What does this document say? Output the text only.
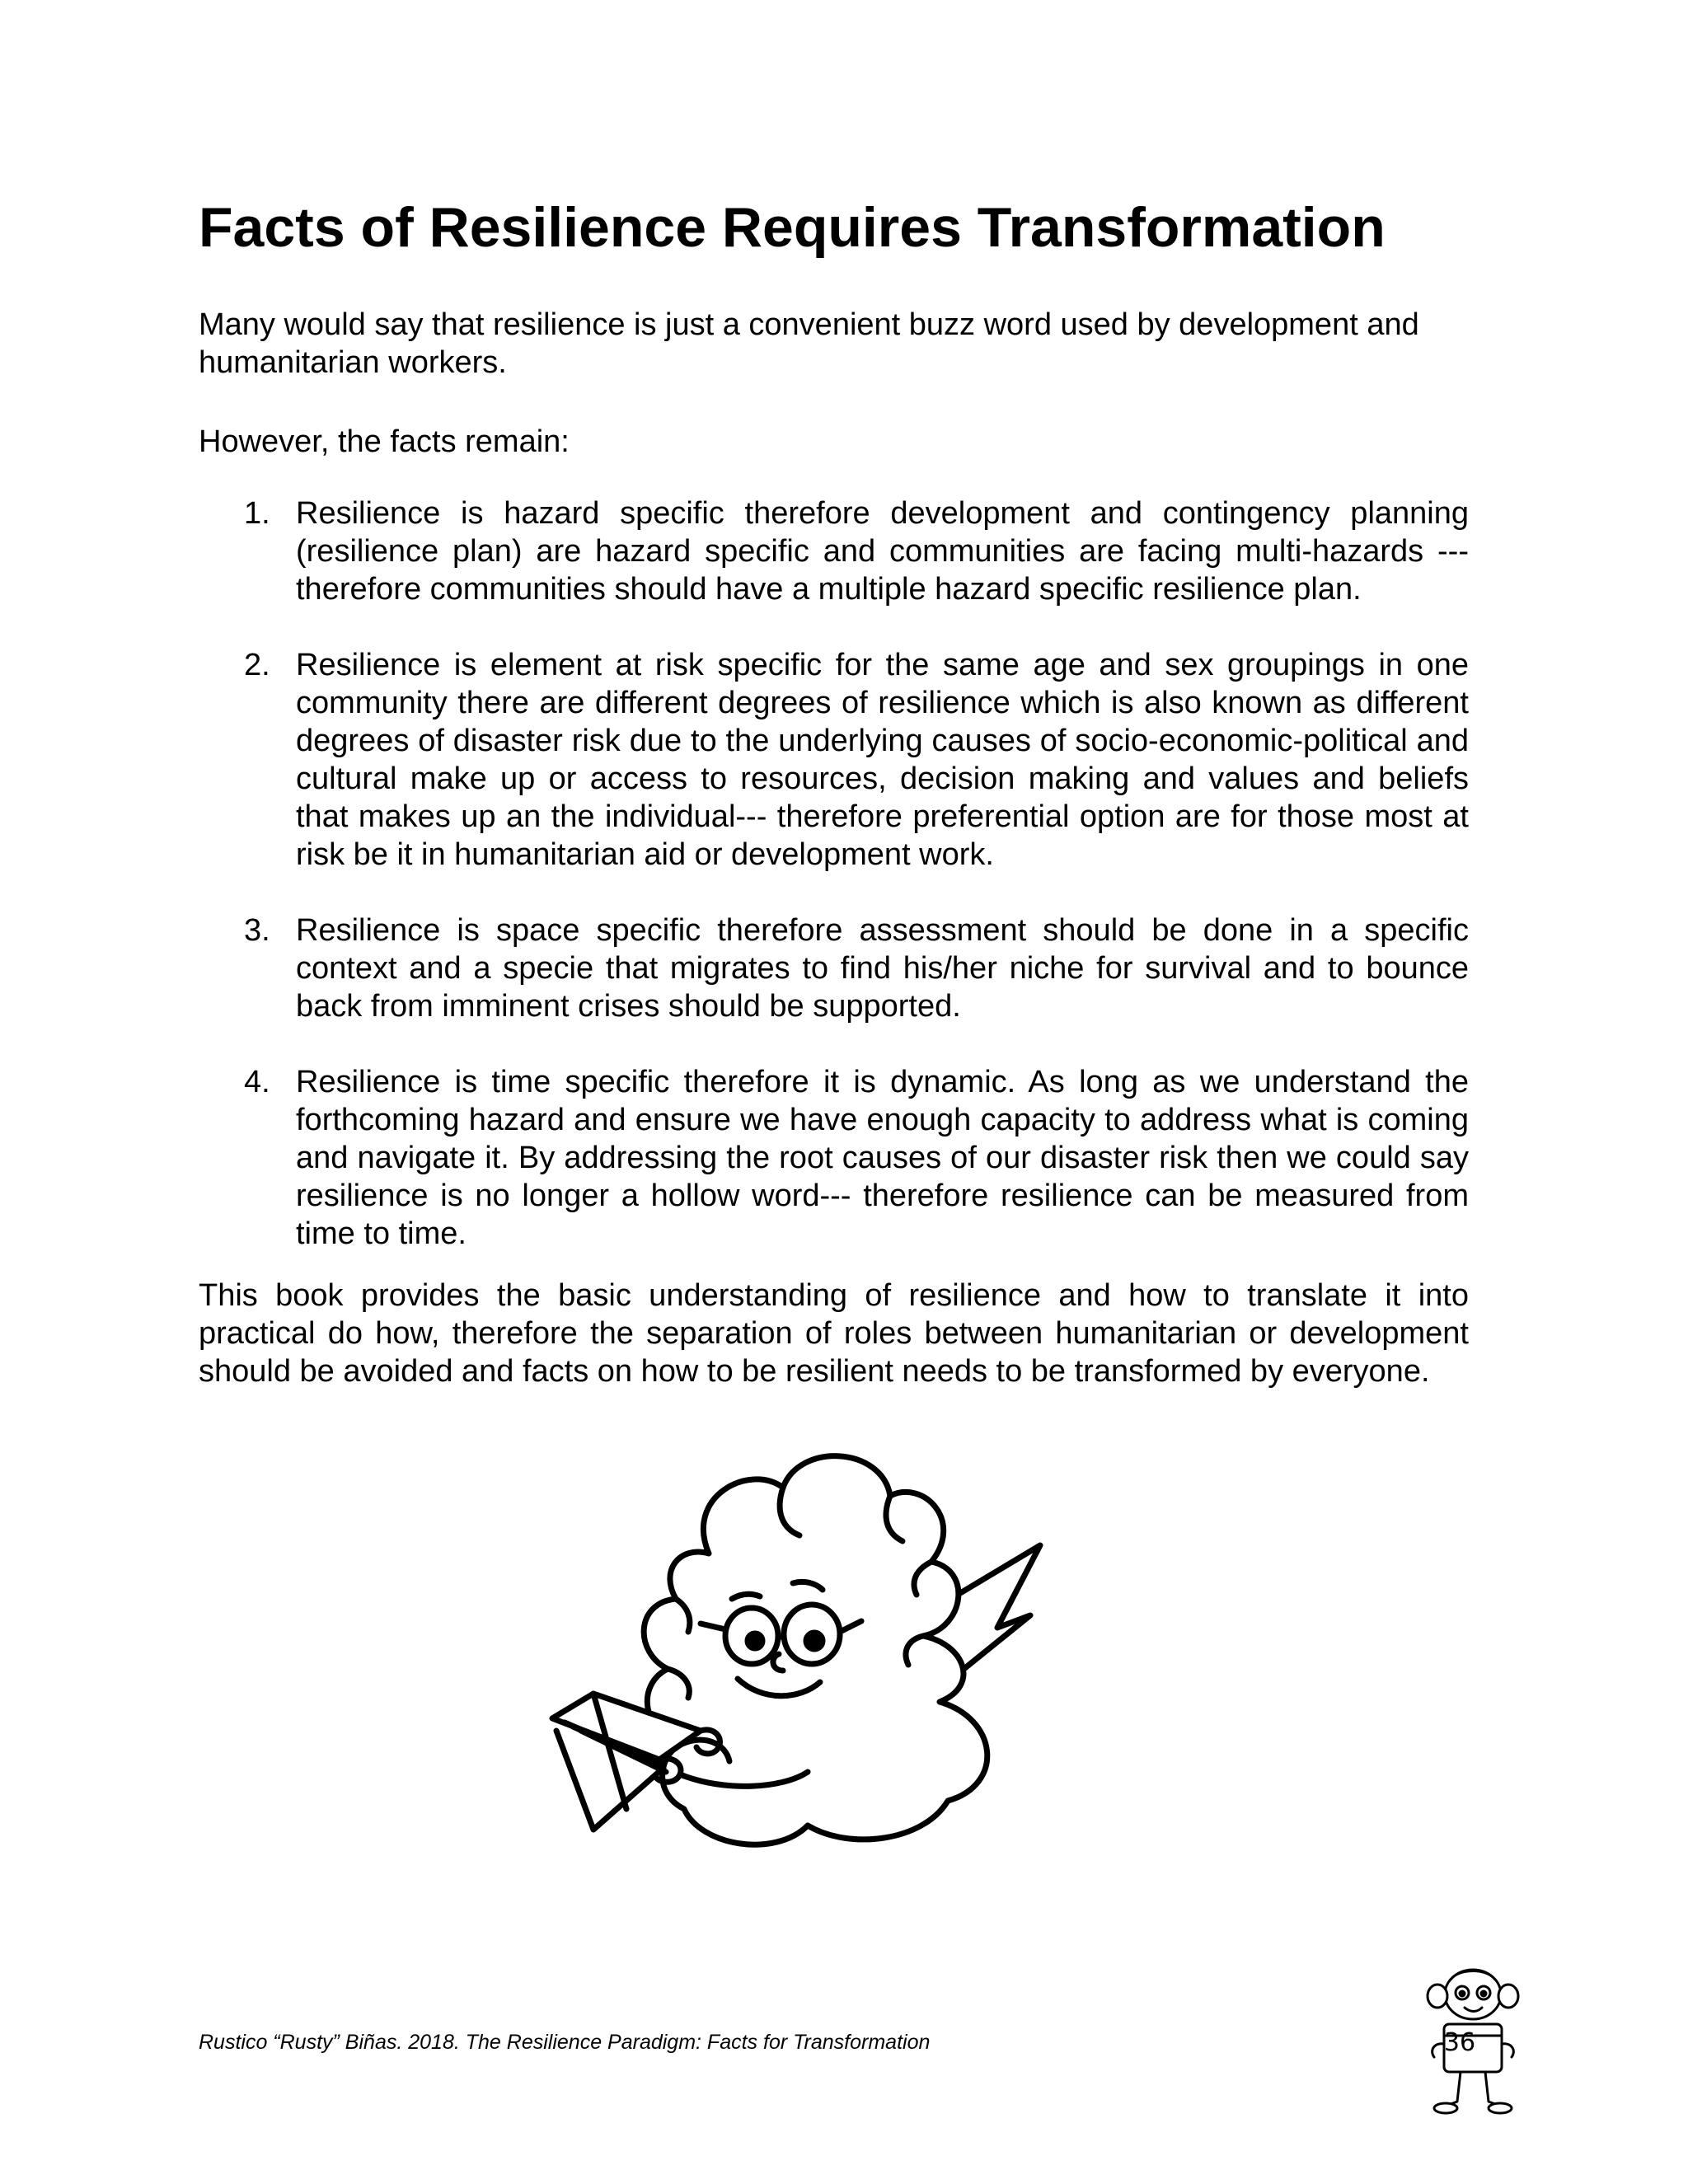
Facts of Resilience Requires Transformation

Many would say that resilience is just a convenient buzz word used by development and humanitarian workers.

However, the facts remain:

1. Resilience is hazard specific therefore development and contingency planning (resilience plan) are hazard specific and communities are facing multi-hazards --- therefore communities should have a multiple hazard specific resilience plan.
2. Resilience is element at risk specific for the same age and sex groupings in one community there are different degrees of resilience which is also known as different degrees of disaster risk due to the underlying causes of socio-economic-political and cultural make up or access to resources, decision making and values and beliefs that makes up an the individual--- therefore preferential option are for those most at risk be it in humanitarian aid or development work.
3. Resilience is space specific therefore assessment should be done in a specific context and a specie that migrates to find his/her niche for survival and to bounce back from imminent crises should be supported.
4. Resilience is time specific therefore it is dynamic. As long as we understand the forthcoming hazard and ensure we have enough capacity to address what is coming and navigate it. By addressing the root causes of our disaster risk then we could say resilience is no longer a hollow word--- therefore resilience can be measured from time to time.

This book provides the basic understanding of resilience and how to translate it into practical do how, therefore the separation of roles between humanitarian or development should be avoided and facts on how to be resilient needs to be transformed by everyone.

Rustico “Rusty” Biñas. 2018. The Resilience Paradigm: Facts for Transformation	36
